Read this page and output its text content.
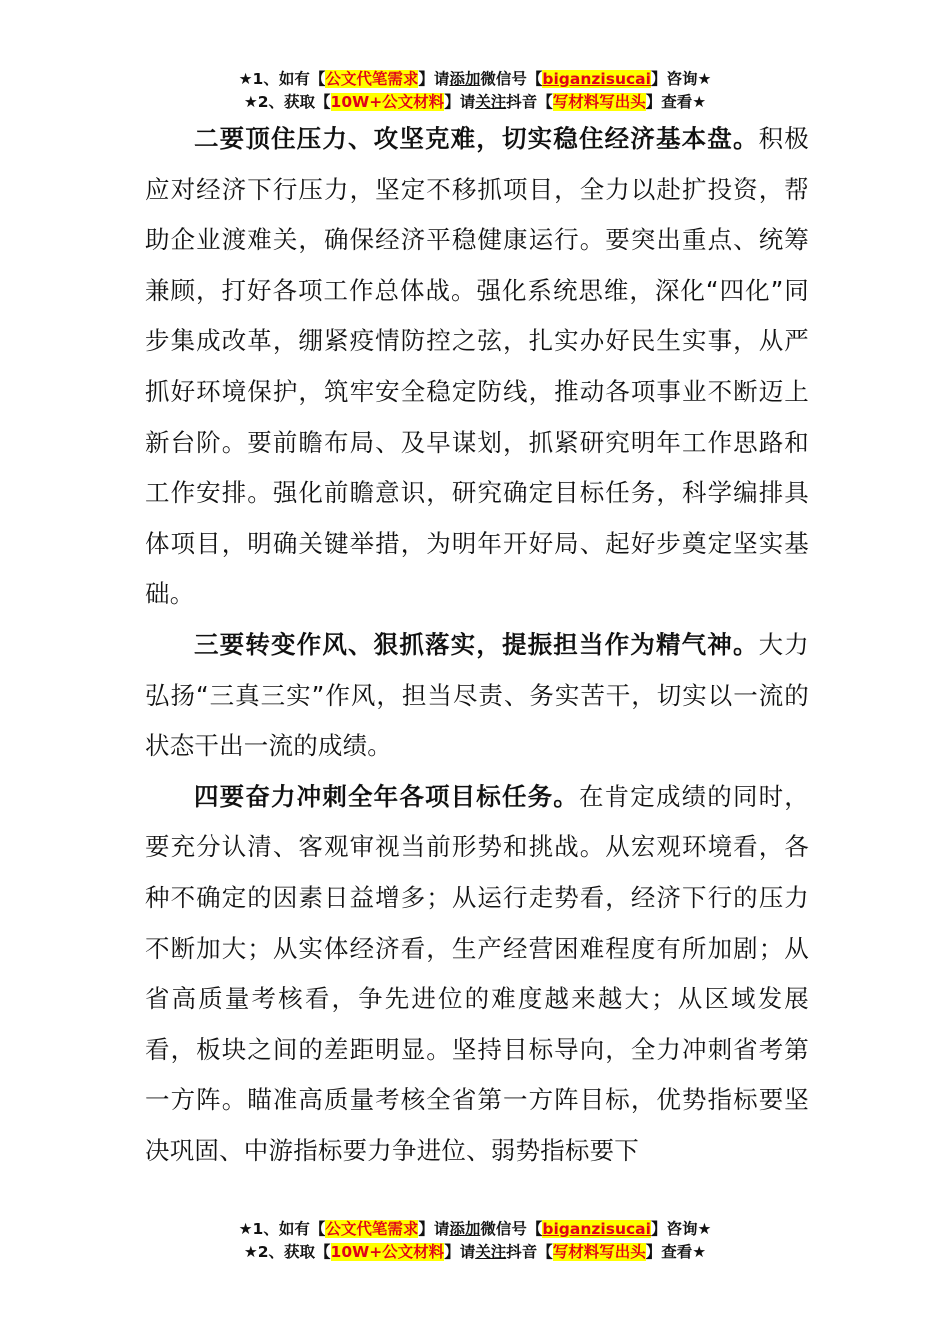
★1、如有【公文代笔需求】请添加微信号【biganzisucai】咨询★
★2、获取【10W+公文材料】请关注抖音【写材料写出头】查看★

二要顶住压力、攻坚克难，切实稳住经济基本盘。积极应对经济下行压力，坚定不移抓项目，全力以赴扩投资，帮助企业渡难关，确保经济平稳健康运行。要突出重点、统筹兼顾，打好各项工作总体战。强化系统思维，深化“四化”同步集成改革，绷紧疫情防控之弦，扎实办好民生实事，从严抓好环境保护，筑牢安全稳定防线，推动各项事业不断迈上新台阶。要前瞻布局、及早谋划，抓紧研究明年工作思路和工作安排。强化前瞻意识，研究确定目标任务，科学编排具体项目，明确关键举措，为明年开好局、起好步奠定坚实基础。

三要转变作风、狠抓落实，提振担当作为精气神。大力弘扬“三真三实”作风，担当尽责、务实苦干，切实以一流的状态干出一流的成绩。

四要奋力冲刺全年各项目标任务。在肯定成绩的同时，要充分认清、客观审视当前形势和挑战。从宏观环境看，各种不确定的因素日益增多；从运行走势看，经济下行的压力不断加大；从实体经济看，生产经营困难程度有所加剧；从省高质量考核看，争先进位的难度越来越大；从区域发展看，板块之间的差距明显。坚持目标导向，全力冲刺省考第一方阵。瞄准高质量考核全省第一方阵目标，优势指标要坚决巩固、中游指标要力争进位、弱势指标要下

★1、如有【公文代笔需求】请添加微信号【biganzisucai】咨询★
★2、获取【10W+公文材料】请关注抖音【写材料写出头】查看★
